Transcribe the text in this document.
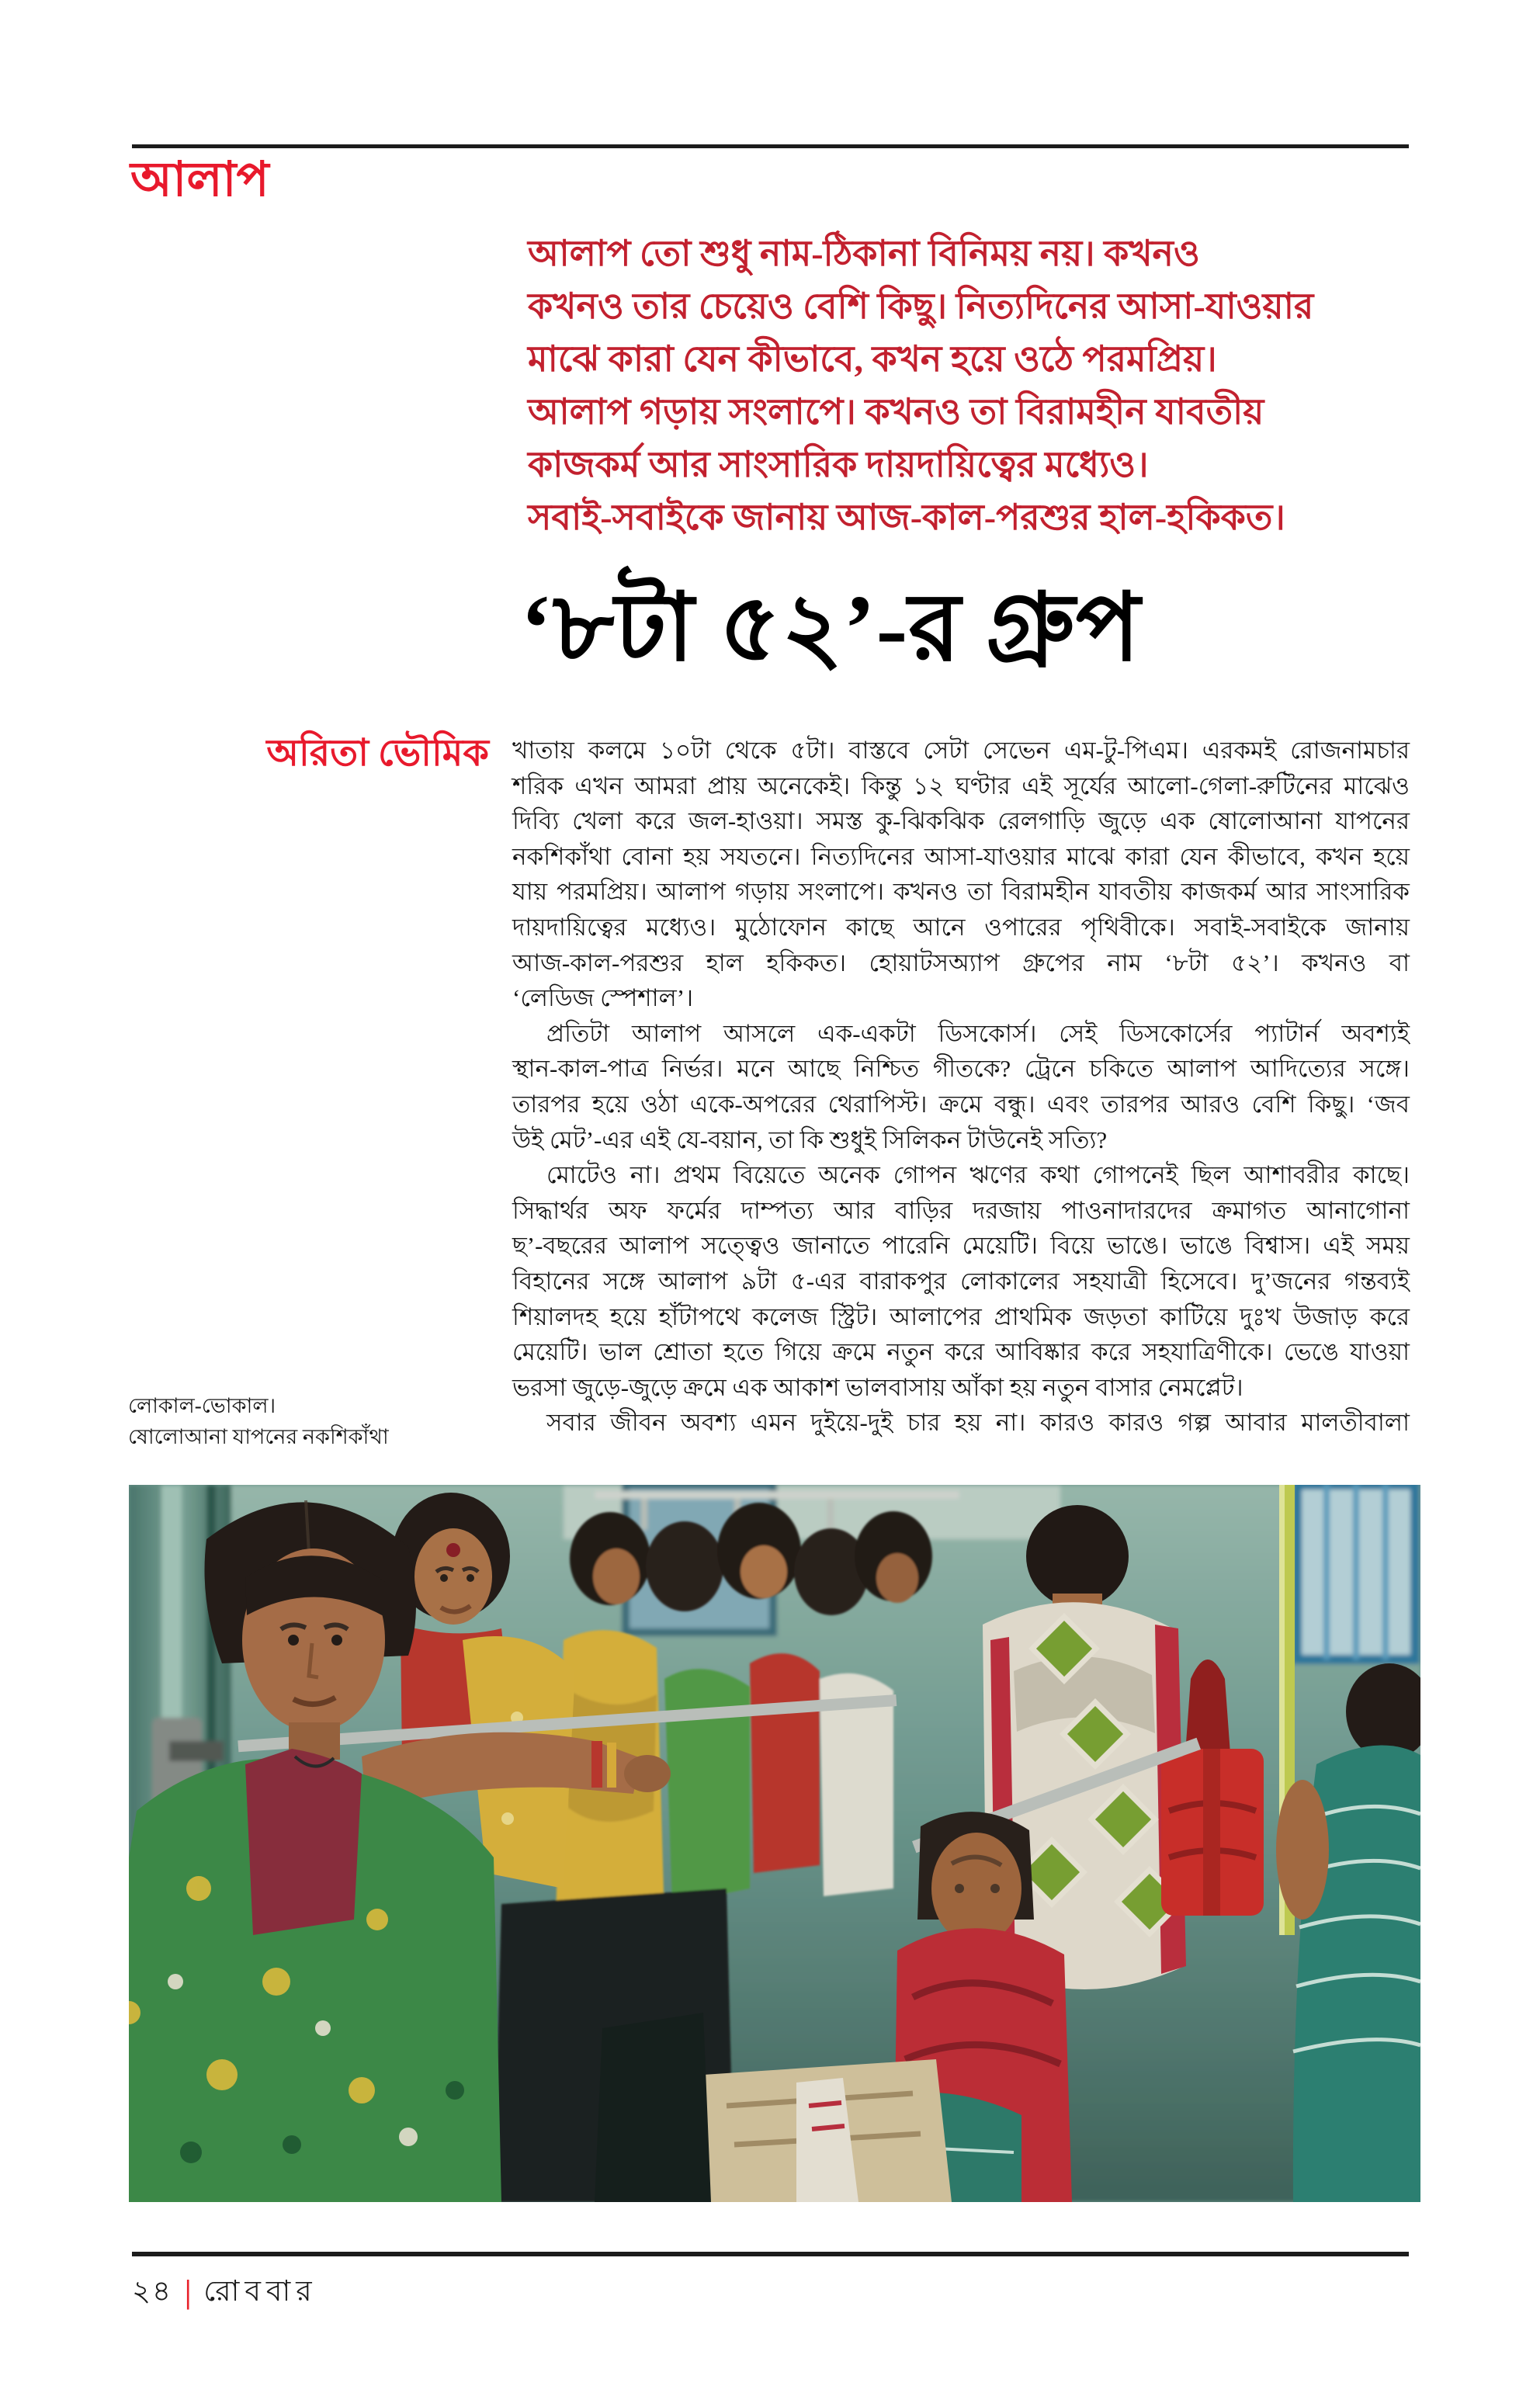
আলাপ
আলাপ তো শুধু নাম-ঠিকানা বিনিময় নয়। কখনও
কখনও তার চেয়েও বেশি কিছু। নিত্যদিনের আসা-যাওয়ার
মাঝে কারা যেন কীভাবে, কখন হয়ে ওঠে পরমপ্রিয়।
আলাপ গড়ায় সংলাপে। কখনও তা বিরামহীন যাবতীয়
কাজকর্ম আর সাংসারিক দায়দায়িত্বের মধ্যেও।
সবাই-সবাইকে জানায় আজ-কাল-পরশুর হাল-হকিকত।
‘৮টা ৫২’-র গ্রুপ
অরিতা ভৌমিক খাতায় কলমে ১০টা থেকে ৫টা। বাস্তবে সেটা সেভেন এম-টু-পিএম। এরকমই রোজনামচার
শরিক এখন আমরা প্রায় অনেকেই। কিন্তু ১২ ঘণ্টার এই সূর্যের আলো-গেলা-রুটিনের মাঝেও
দিব্যি খেলা করে জল-হাওয়া। সমস্ত কু-ঝিকঝিক রেলগাড়ি জুড়ে এক ষোলোআনা যাপনের
নকশিকাঁথা বোনা হয় সযতনে। নিত্যদিনের আসা-যাওয়ার মাঝে কারা যেন কীভাবে, কখন হয়ে
যায় পরমপ্রিয়। আলাপ গড়ায় সংলাপে। কখনও তা বিরামহীন যাবতীয় কাজকর্ম আর সাংসারিক
দায়দায়িত্বের মধ্যেও। মুঠোফোন কাছে আনে ওপারের পৃথিবীকে। সবাই-সবাইকে জানায়
আজ-কাল-পরশুর হাল হকিকত। হোয়াটসঅ্যাপ গ্রুপের নাম ‘৮টা ৫২’। কখনও বা
‘লেডিজ স্পেশাল’।
প্রতিটা আলাপ আসলে এক-একটা ডিসকোর্স। সেই ডিসকোর্সের প্যাটার্ন অবশ্যই
স্থান-কাল-পাত্র নির্ভর। মনে আছে নিশ্চিত গীতকে? ট্রেনে চকিতে আলাপ আদিত্যের সঙ্গে।
তারপর হয়ে ওঠা একে-অপরের থেরাপিস্ট। ক্রমে বন্ধু। এবং তারপর আরও বেশি কিছু। ‘জব
উই মেট’-এর এই যে-বয়ান, তা কি শুধুই সিলিকন টাউনেই সত্যি?
মোটেও না। প্রথম বিয়েতে অনেক গোপন ঋণের কথা গোপনেই ছিল আশাবরীর কাছে।
সিদ্ধার্থর অফ ফর্মের দাম্পত্য আর বাড়ির দরজায় পাওনাদারদের ক্রমাগত আনাগোনা
ছ’-বছরের আলাপ সত্ত্বেও জানাতে পারেনি মেয়েটি। বিয়ে ভাঙে। ভাঙে বিশ্বাস। এই সময়
বিহানের সঙ্গে আলাপ ৯টা ৫-এর বারাকপুর লোকালের সহযাত্রী হিসেবে। দু’জনের গন্তব্যই
শিয়ালদহ হয়ে হাঁটাপথে কলেজ স্ট্রিট। আলাপের প্রাথমিক জড়তা কাটিয়ে দুঃখ উজাড় করে
মেয়েটি। ভাল শ্রোতা হতে গিয়ে ক্রমে নতুন করে আবিষ্কার করে সহযাত্রিণীকে। ভেঙে যাওয়া
ভরসা জুড়ে-জুড়ে ক্রমে এক আকাশ ভালবাসায় আঁকা হয় নতুন বাসার নেমপ্লেট।
সবার জীবন অবশ্য এমন দুইয়ে-দুই চার হয় না। কারও কারও গল্প আবার মালতীবালা
লোকাল-ভোকাল।
ষোলোআনা যাপনের নকশিকাঁথা
২৪ | রোববার
